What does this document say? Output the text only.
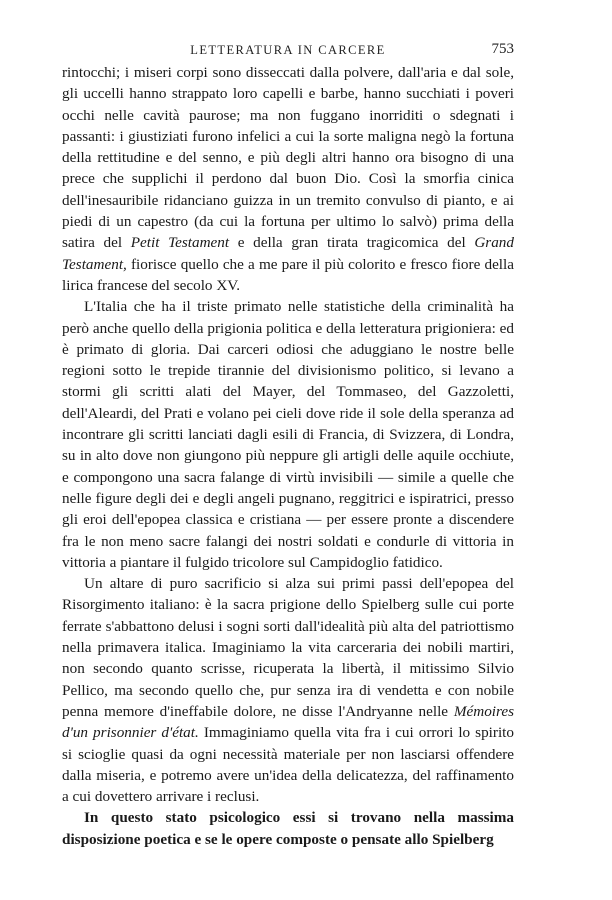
LETTERATURA IN CARCERE	753

rintocchi; i miseri corpi sono disseccati dalla polvere, dall'aria e dal sole, gli uccelli hanno strappato loro capelli e barbe, hanno succhiati i poveri occhi nelle cavità paurose; ma non fuggano inorriditi o sdegnati i passanti: i giustiziati furono infelici a cui la sorte maligna negò la fortuna della rettitudine e del senno, e più degli altri hanno ora bisogno di una prece che supplichi il perdono dal buon Dio. Così la smorfia cinica dell'inesauribile ridanciano guizza in un tremito convulso di pianto, e ai piedi di un capestro (da cui la fortuna per ultimo lo salvò) prima della satira del Petit Testament e della gran tirata tragicomica del Grand Testament, fiorisce quello che a me pare il più colorito e fresco fiore della lirica francese del secolo XV.

L'Italia che ha il triste primato nelle statistiche della criminalità ha però anche quello della prigionia politica e della letteratura prigioniera: ed è primato di gloria. Dai carceri odiosi che aduggiano le nostre belle regioni sotto le trepide tirannie del divisionismo politico, si levano a stormi gli scritti alati del Mayer, del Tommaseo, del Gazzoletti, dell'Aleardi, del Prati e volano pei cieli dove ride il sole della speranza ad incontrare gli scritti lanciati dagli esili di Francia, di Svizzera, di Londra, su in alto dove non giungono più neppure gli artigli delle aquile occhiute, e compongono una sacra falange di virtù invisibili — simile a quelle che nelle figure degli dei e degli angeli pugnano, reggitrici e ispiratrici, presso gli eroi dell'epopea classica e cristiana — per essere pronte a discendere fra le non meno sacre falangi dei nostri soldati e condurle di vittoria in vittoria a piantare il fulgido tricolore sul Campidoglio fatidico.

Un altare di puro sacrificio si alza sui primi passi dell'epopea del Risorgimento italiano: è la sacra prigione dello Spielberg sulle cui porte ferrate s'abbattono delusi i sogni sorti dall'idealità più alta del patriottismo nella primavera italica. Imaginiamo la vita carceraria dei nobili martiri, non secondo quanto scrisse, ricuperata la libertà, il mitissimo Silvio Pellico, ma secondo quello che, pur senza ira di vendetta e con nobile penna memore d'ineffabile dolore, ne disse l'Andryanne nelle Mémoires d'un prisonnier d'état. Immaginiamo quella vita fra i cui orrori lo spirito si scioglie quasi da ogni necessità materiale per non lasciarsi offendere dalla miseria, e potremo avere un'idea della delicatezza, del raffinamento a cui dovettero arrivare i reclusi.

In questo stato psicologico essi si trovano nella massima disposizione poetica e se le opere composte o pensate allo Spielberg
